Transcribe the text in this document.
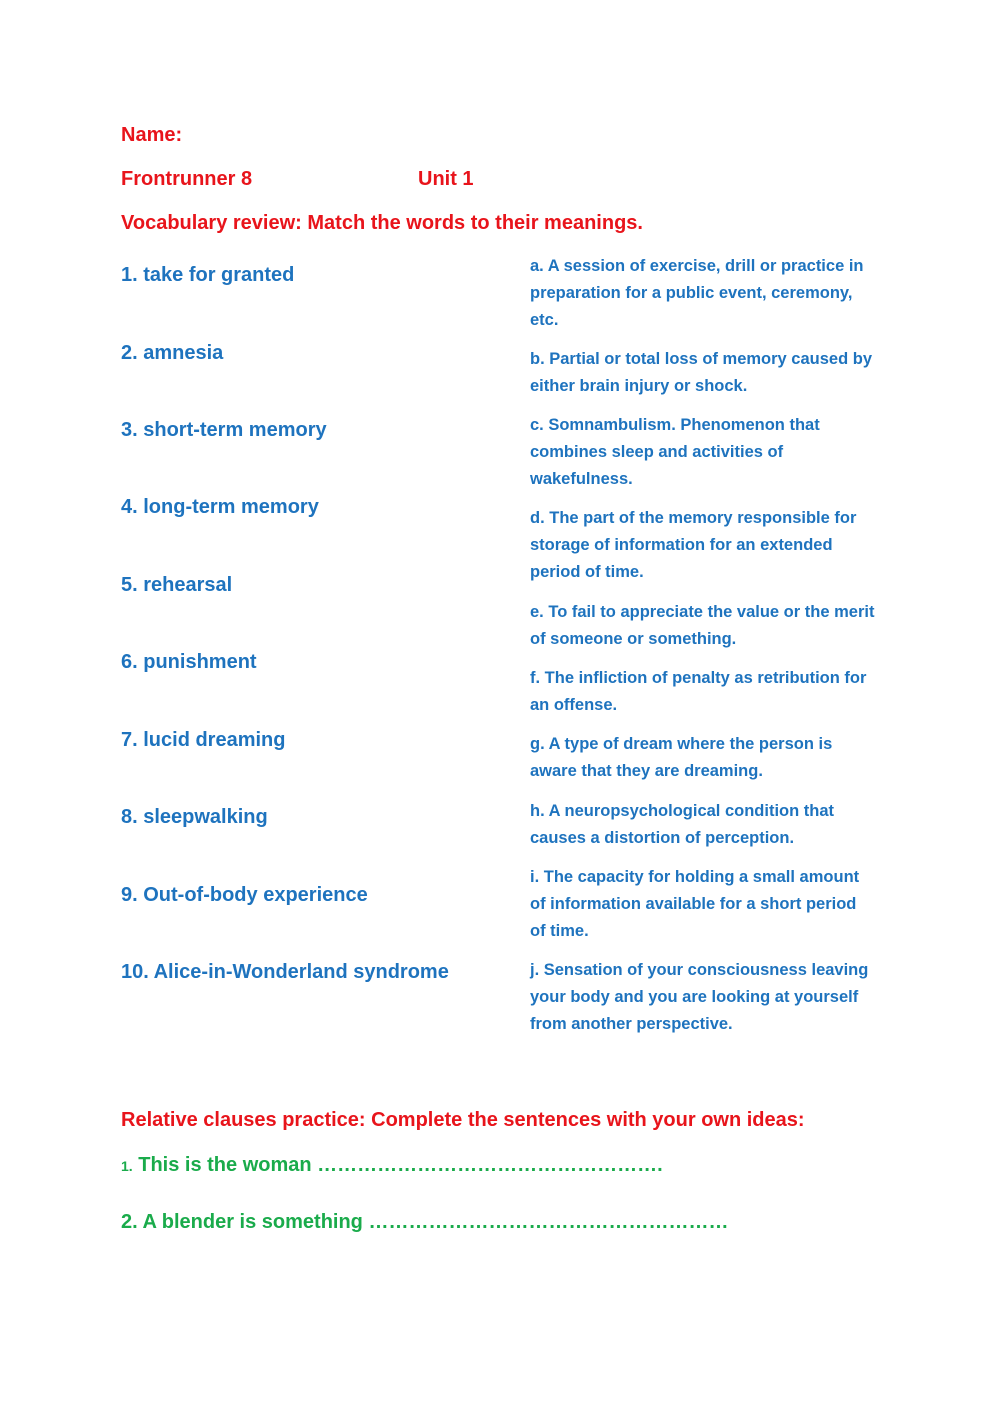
Name:
Frontrunner 8	Unit 1
Vocabulary review: Match the words to their meanings.
1. take for granted
2. amnesia
3. short-term memory
4. long-term memory
5. rehearsal
6. punishment
7. lucid dreaming
8. sleepwalking
9. Out-of-body experience
10. Alice-in-Wonderland syndrome
a. A session of exercise, drill or practice in preparation for a public event, ceremony, etc.
b. Partial or total loss of memory caused by either brain injury or shock.
c. Somnambulism. Phenomenon that combines sleep and activities of wakefulness.
d. The part of the memory responsible for storage of information for an extended period of time.
e. To fail to appreciate the value or the merit of someone or something.
f. The infliction of penalty as retribution for an offense.
g. A type of dream where the person is aware that they are dreaming.
h. A neuropsychological condition that causes a distortion of perception.
i. The capacity for holding a small amount of information available for a short period of time.
j. Sensation of your consciousness leaving your body and you are looking at yourself from another perspective.
Relative clauses practice: Complete the sentences with your own ideas:
1. This is the woman …………………………………………….
2. A blender is something ………………………………………………
